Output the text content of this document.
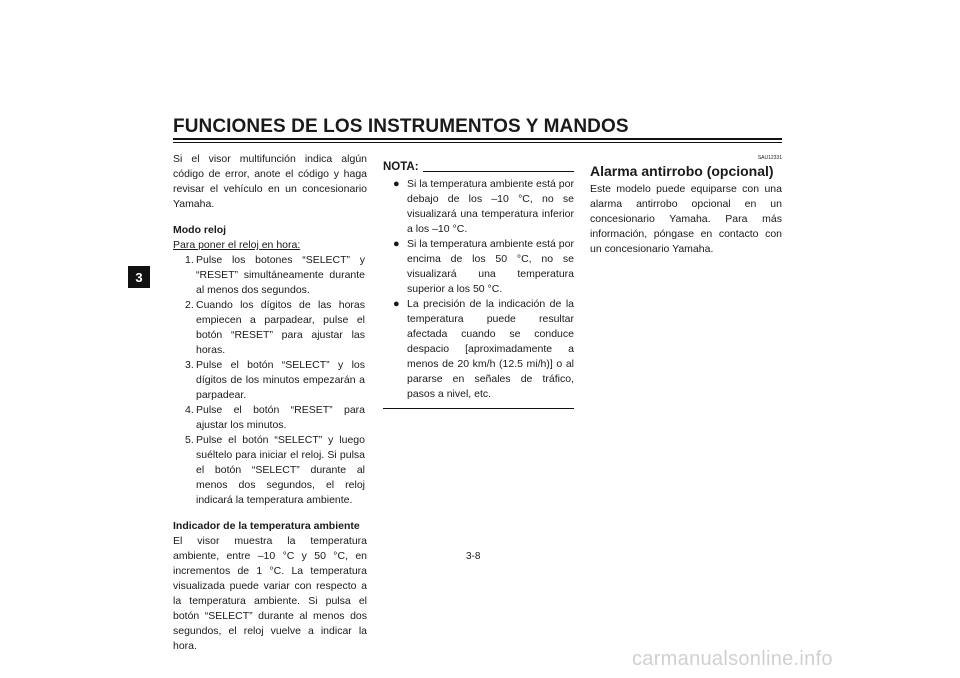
FUNCIONES DE LOS INSTRUMENTOS Y MANDOS
3

Si el visor multifunción indica algún código de error, anote el código y haga revisar el vehículo en un concesionario Yamaha.

Modo reloj

Para poner el reloj en hora:

1. Pulse los botones “SELECT” y “RESET” simultáneamente durante al menos dos segundos.
2. Cuando los dígitos de las horas empiecen a parpadear, pulse el botón “RESET” para ajustar las horas.
3. Pulse el botón “SELECT” y los dígitos de los minutos empezarán a parpadear.
4. Pulse el botón “RESET” para ajustar los minutos.
5. Pulse el botón “SELECT” y luego suéltelo para iniciar el reloj. Si pulsa el botón “SELECT” durante al menos dos segundos, el reloj indicará la temperatura ambiente.

Indicador de la temperatura ambiente

El visor muestra la temperatura ambiente, entre –10 °C y 50 °C, en incrementos de 1 °C. La temperatura visualizada puede variar con respecto a la temperatura ambiente. Si pulsa el botón “SELECT” durante al menos dos segundos, el reloj vuelve a indicar la hora.

NOTA:
● Si la temperatura ambiente está por debajo de los –10 °C, no se visualizará una temperatura inferior a los –10 °C.
● Si la temperatura ambiente está por encima de los 50 °C, no se visualizará una temperatura superior a los 50 °C.
● La precisión de la indicación de la temperatura puede resultar afectada cuando se conduce despacio [aproximadamente a menos de 20 km/h (12.5 mi/h)] o al pararse en señales de tráfico, pasos a nivel, etc.
SAU12331
Alarma antirrobo (opcional)

Este modelo puede equiparse con una alarma antirrobo opcional en un concesionario Yamaha. Para más información, póngase en contacto con un concesionario Yamaha.

3-8
carmanualsonline.info
